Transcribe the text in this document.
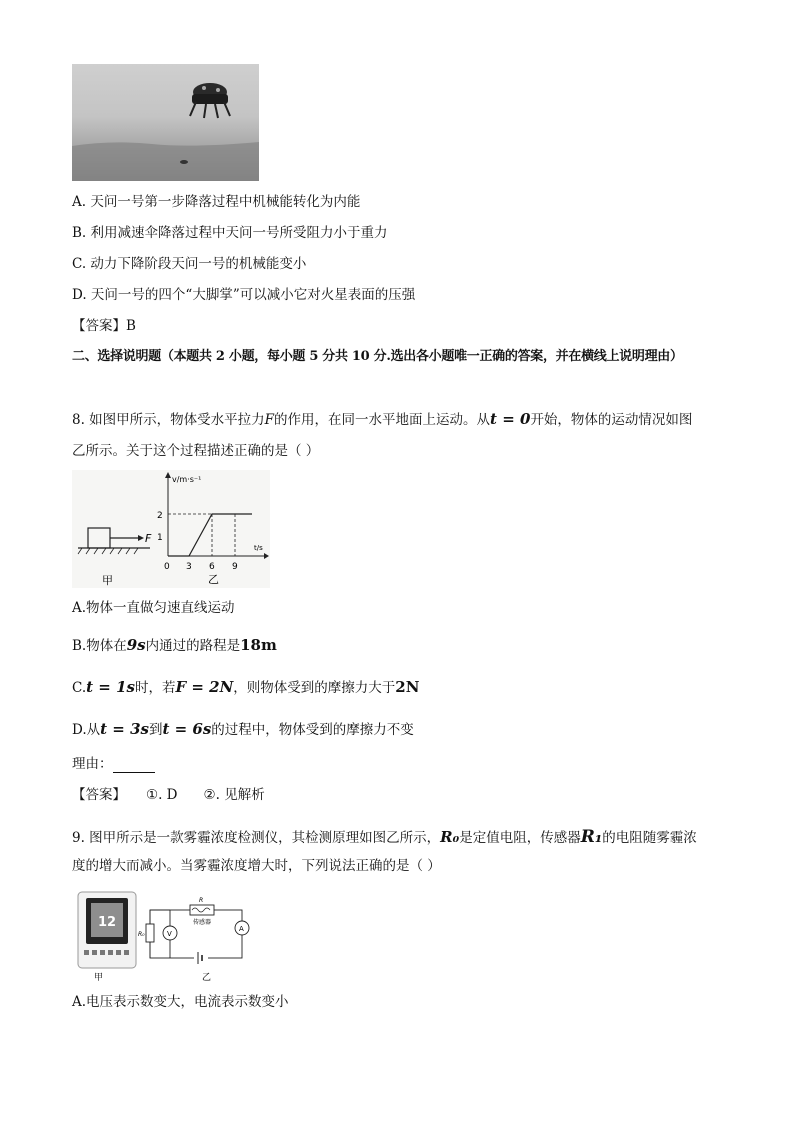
A. 天问一号第一步降落过程中机械能转化为内能
B. 利用减速伞降落过程中天问一号所受阻力小于重力
C. 动力下降阶段天问一号的机械能变小
D. 天问一号的四个“大脚掌”可以减小它对火星表面的压强
【答案】B
二、选择说明题（本题共 2 小题，每小题 5 分共 10 分.选出各小题唯一正确的答案，并在横线上说明理由）
8. 如图甲所示，物体受水平拉力F的作用，在同一水平地面上运动。从t = 0开始，物体的运动情况如图
乙所示。关于这个过程描述正确的是（ ）
F
甲
v/m·s⁻¹
t/s
0
1
2
3 6 9
乙
A.物体一直做匀速直线运动
B.物体在9s内通过的路程是18m
C.t = 1s时，若F = 2N，则物体受到的摩擦力大于2N
D.从t = 3s到t = 6s的过程中，物体受到的摩擦力不变
理由：
【答案】 ①. D ②. 见解析
9. 图甲所示是一款雾霾浓度检测仪，其检测原理如图乙所示，R₀是定值电阻，传感器R₁的电阻随雾霾浓
度的增大而减小。当雾霾浓度增大时，下列说法正确的是（ ）
12
甲
R
传感器
R₀	V
A
乙
A.电压表示数变大，电流表示数变小
